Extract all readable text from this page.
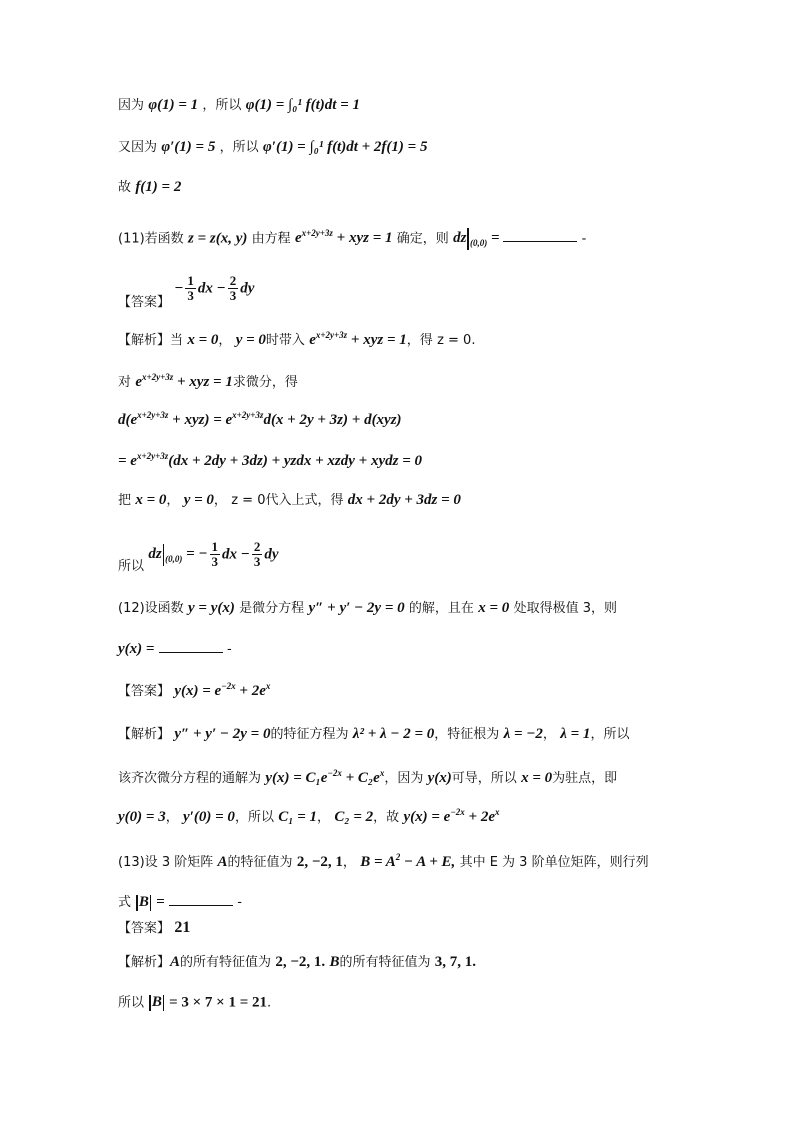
因为 φ(1) = 1 ，所以 φ(1) = ∫₀¹ f(t)dt = 1
又因为 φ′(1) = 5 ，所以 φ′(1) = ∫₀¹ f(t)dt + 2f(1) = 5
故 f(1) = 2
(11)若函数 z = z(x, y) 由方程 $e^{x+2y+3z}$ + xyz = 1 确定，则 dz $_{(0,0)}$ =	-
【答案】 − $\frac{1}{3}$ dx − $\frac{2}{3}$ dy
【解析】当 x = 0， y = 0时带入 $e^{x+2y+3z}$ + xyz = 1，得 z = 0.
对 $e^{x+2y+3z}$ + xyz = 1求微分，得
$d(e^{x+2y+3z} + xyz) = e^{x+2y+3z}d(x + 2y + 3z) + d(xyz)$
= $e^{x+2y+3z}(dx + 2dy + 3dz)$ + yzdx + xzdy + xydz = 0
把 x = 0， y = 0， z = 0代入上式，得 dx + 2dy + 3dz = 0
所以 dz $_{(0,0)}$ = − $\frac{1}{3}$ dx − $\frac{2}{3}$ dy
(12)设函数 y = y(x) 是微分方程 y″ + y′ − 2y = 0 的解，且在 x = 0 处取得极值 3，则
y(x) =	-
【答案】 $y(x) = e^{-2x} + 2e^x$
【解析】 y″ + y′ − 2y = 0的特征方程为 λ² + λ − 2 = 0，特征根为 λ = −2， λ = 1，所以
该齐次微分方程的通解为 $y(x) = C_1e^{-2x} + C_2e^x$，因为 y(x)可导，所以 x = 0为驻点，即
y(0) = 3， y′(0) = 0，所以 C₁ = 1， C₂ = 2，故 $y(x) = e^{-2x} + 2e^x$
(13)设 3 阶矩阵 A的特征值为 2, −2, 1， $B = A^2 - A + E$, 其中 E 为 3 阶单位矩阵，则行列
式 B =	-
【答案】 21
【解析】A的所有特征值为 2, −2, 1. B的所有特征值为 3, 7, 1.
所以 B = 3 × 7 × 1 = 21.
